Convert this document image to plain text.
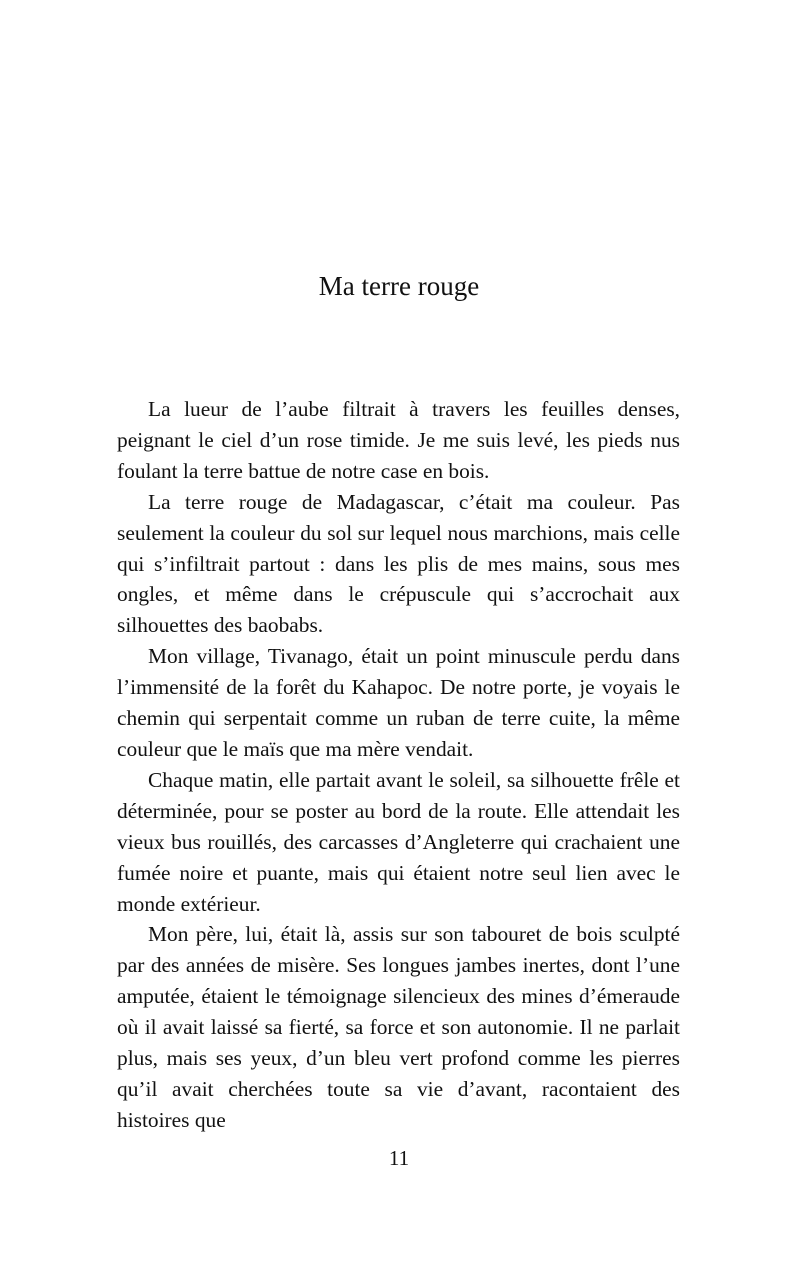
Ma terre rouge

La lueur de l’aube filtrait à travers les feuilles denses, peignant le ciel d’un rose timide. Je me suis levé, les pieds nus foulant la terre battue de notre case en bois.

La terre rouge de Madagascar, c’était ma couleur. Pas seulement la couleur du sol sur lequel nous marchions, mais celle qui s’infiltrait partout : dans les plis de mes mains, sous mes ongles, et même dans le crépuscule qui s’accrochait aux silhouettes des baobabs.

Mon village, Tivanago, était un point minuscule perdu dans l’immensité de la forêt du Kahapoc. De notre porte, je voyais le chemin qui serpentait comme un ruban de terre cuite, la même couleur que le maïs que ma mère vendait.

Chaque matin, elle partait avant le soleil, sa silhouette frêle et déterminée, pour se poster au bord de la route. Elle attendait les vieux bus rouillés, des carcasses d’Angleterre qui crachaient une fumée noire et puante, mais qui étaient notre seul lien avec le monde extérieur.

Mon père, lui, était là, assis sur son tabouret de bois sculpté par des années de misère. Ses longues jambes inertes, dont l’une amputée, étaient le témoignage silencieux des mines d’émeraude où il avait laissé sa fierté, sa force et son autonomie. Il ne parlait plus, mais ses yeux, d’un bleu vert profond comme les pierres qu’il avait cherchées toute sa vie d’avant, racontaient des histoires que

11
